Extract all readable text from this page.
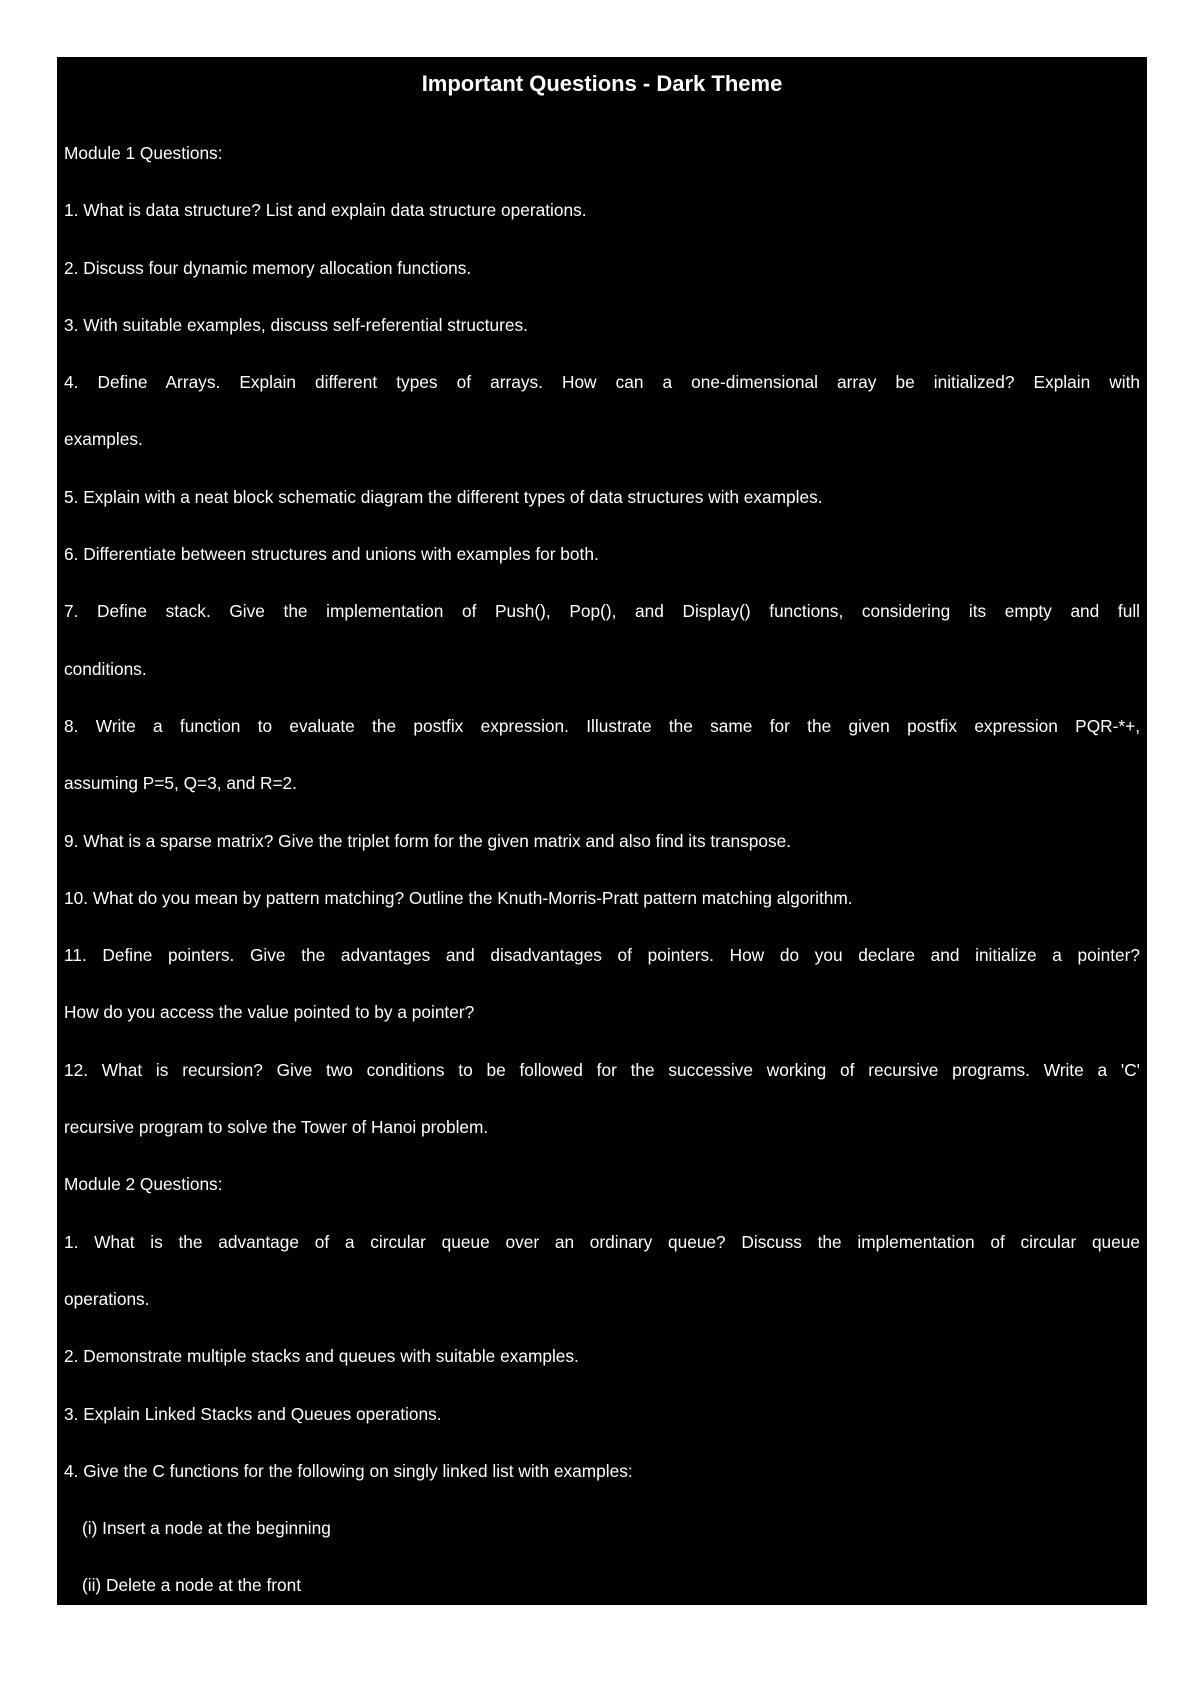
Important Questions - Dark Theme
Module 1 Questions:
1. What is data structure? List and explain data structure operations.
2. Discuss four dynamic memory allocation functions.
3. With suitable examples, discuss self-referential structures.
4. Define Arrays. Explain different types of arrays. How can a one-dimensional array be initialized? Explain with
examples.
5. Explain with a neat block schematic diagram the different types of data structures with examples.
6. Differentiate between structures and unions with examples for both.
7. Define stack. Give the implementation of Push(), Pop(), and Display() functions, considering its empty and full
conditions.
8. Write a function to evaluate the postfix expression. Illustrate the same for the given postfix expression PQR-*+,
assuming P=5, Q=3, and R=2.
9. What is a sparse matrix? Give the triplet form for the given matrix and also find its transpose.
10. What do you mean by pattern matching? Outline the Knuth-Morris-Pratt pattern matching algorithm.
11. Define pointers. Give the advantages and disadvantages of pointers. How do you declare and initialize a pointer?
How do you access the value pointed to by a pointer?
12. What is recursion? Give two conditions to be followed for the successive working of recursive programs. Write a 'C'
recursive program to solve the Tower of Hanoi problem.
Module 2 Questions:
1. What is the advantage of a circular queue over an ordinary queue? Discuss the implementation of circular queue
operations.
2. Demonstrate multiple stacks and queues with suitable examples.
3. Explain Linked Stacks and Queues operations.
4. Give the C functions for the following on singly linked list with examples:
(i) Insert a node at the beginning
(ii) Delete a node at the front
